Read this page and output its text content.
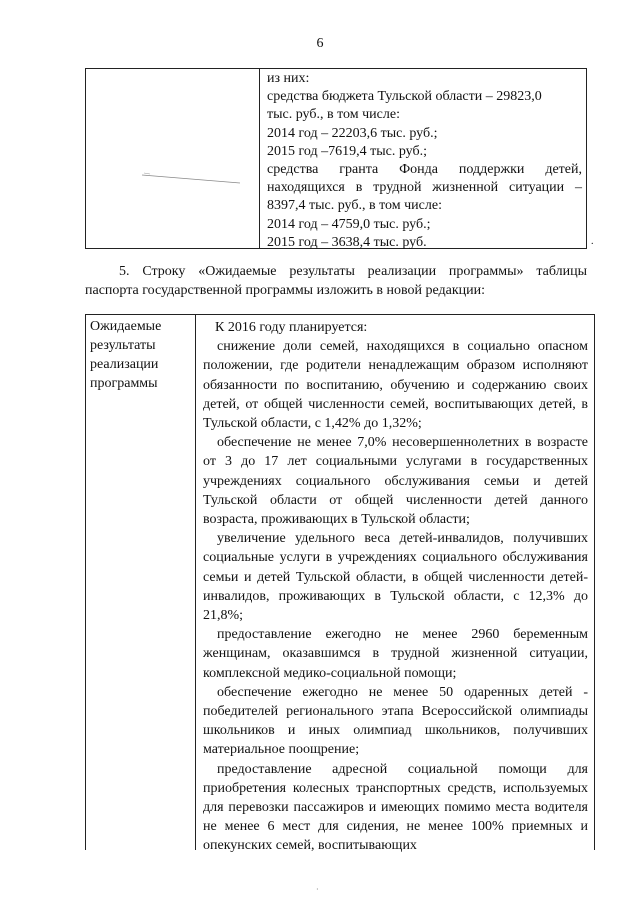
6
из них:
средства бюджета Тульской области – 29823,0
тыс. руб., в том числе:
2014 год – 22203,6 тыс. руб.;
2015 год –7619,4 тыс. руб.;
средства гранта Фонда поддержки детей,
находящихся в трудной жизненной ситуации –
8397,4 тыс. руб., в том числе:
2014 год – 4759,0 тыс. руб.;
2015 год – 3638,4 тыс. руб.	.
5. Строку «Ожидаемые результаты реализации программы» таблицы
паспорта государственной программы изложить в новой редакции:
Ожидаемые
результаты
реализации
программы
К 2016 году планируется:

снижение доли семей, находящихся в социально опасном положении, где родители ненадлежащим образом исполняют обязанности по воспитанию, обучению и содержанию своих детей, от общей численности семей, воспитывающих детей, в Тульской области, с 1,42% до 1,32%;

обеспечение не менее 7,0% несовершеннолетних в возрасте от 3 до 17 лет социальными услугами в государственных учреждениях социального обслуживания семьи и детей Тульской области от общей численности детей данного возраста, проживающих в Тульской области;

увеличение удельного веса детей-инвалидов, получивших социальные услуги в учреждениях социального обслуживания семьи и детей Тульской области, в общей численности детей-инвалидов, проживающих в Тульской области, с 12,3% до 21,8%;

предоставление ежегодно не менее 2960 беременным женщинам, оказавшимся в трудной жизненной ситуации, комплексной медико-социальной помощи;

обеспечение ежегодно не менее 50 одаренных детей - победителей регионального этапа Всероссийской олимпиады школьников и иных олимпиад школьников, получивших материальное поощрение;

предоставление адресной социальной помощи для приобретения колесных транспортных средств, используемых для перевозки пассажиров и имеющих помимо места водителя не менее 6 мест для сидения, не менее 100% приемных и опекунских семей, воспитывающих

·
